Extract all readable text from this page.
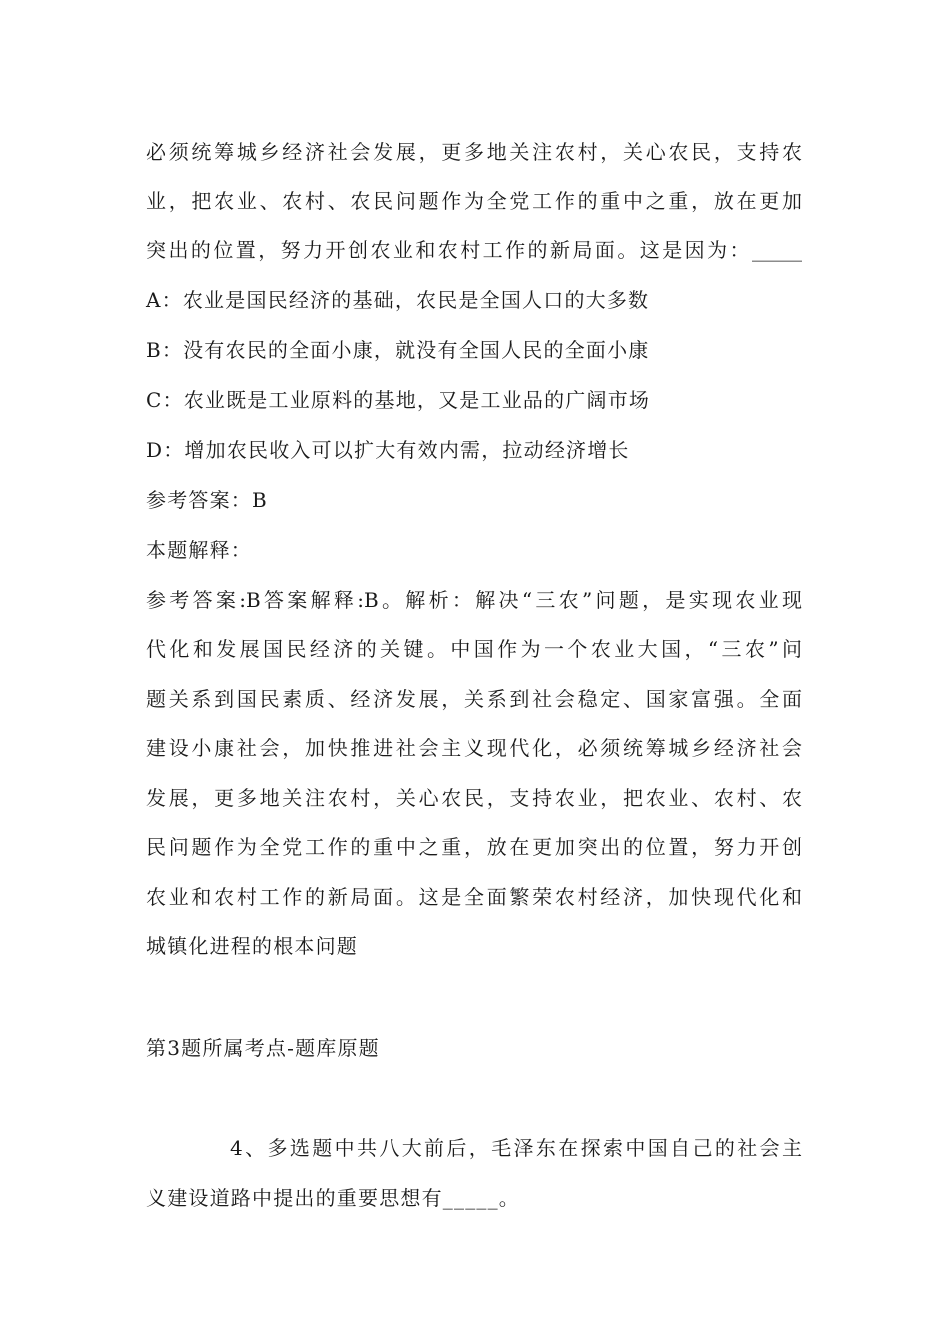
必须统筹城乡经济社会发展，更多地关注农村，关心农民，支持农
业，把农业、农村、农民问题作为全党工作的重中之重，放在更加
突出的位置，努力开创农业和农村工作的新局面。这是因为：_____
A：农业是国民经济的基础，农民是全国人口的大多数
B：没有农民的全面小康，就没有全国人民的全面小康
C：农业既是工业原料的基地，又是工业品的广阔市场
D：增加农民收入可以扩大有效内需，拉动经济增长
参考答案：B
本题解释：
参考答案:B答案解释:B。解析：解决“三农”问题，是实现农业现
代化和发展国民经济的关键。中国作为一个农业大国，“三农”问
题关系到国民素质、经济发展，关系到社会稳定、国家富强。全面
建设小康社会，加快推进社会主义现代化，必须统筹城乡经济社会
发展，更多地关注农村，关心农民，支持农业，把农业、农村、农
民问题作为全党工作的重中之重，放在更加突出的位置，努力开创
农业和农村工作的新局面。这是全面繁荣农村经济，加快现代化和
城镇化进程的根本问题
第3题所属考点-题库原题
4、多选题中共八大前后，毛泽东在探索中国自己的社会主
义建设道路中提出的重要思想有_____。
